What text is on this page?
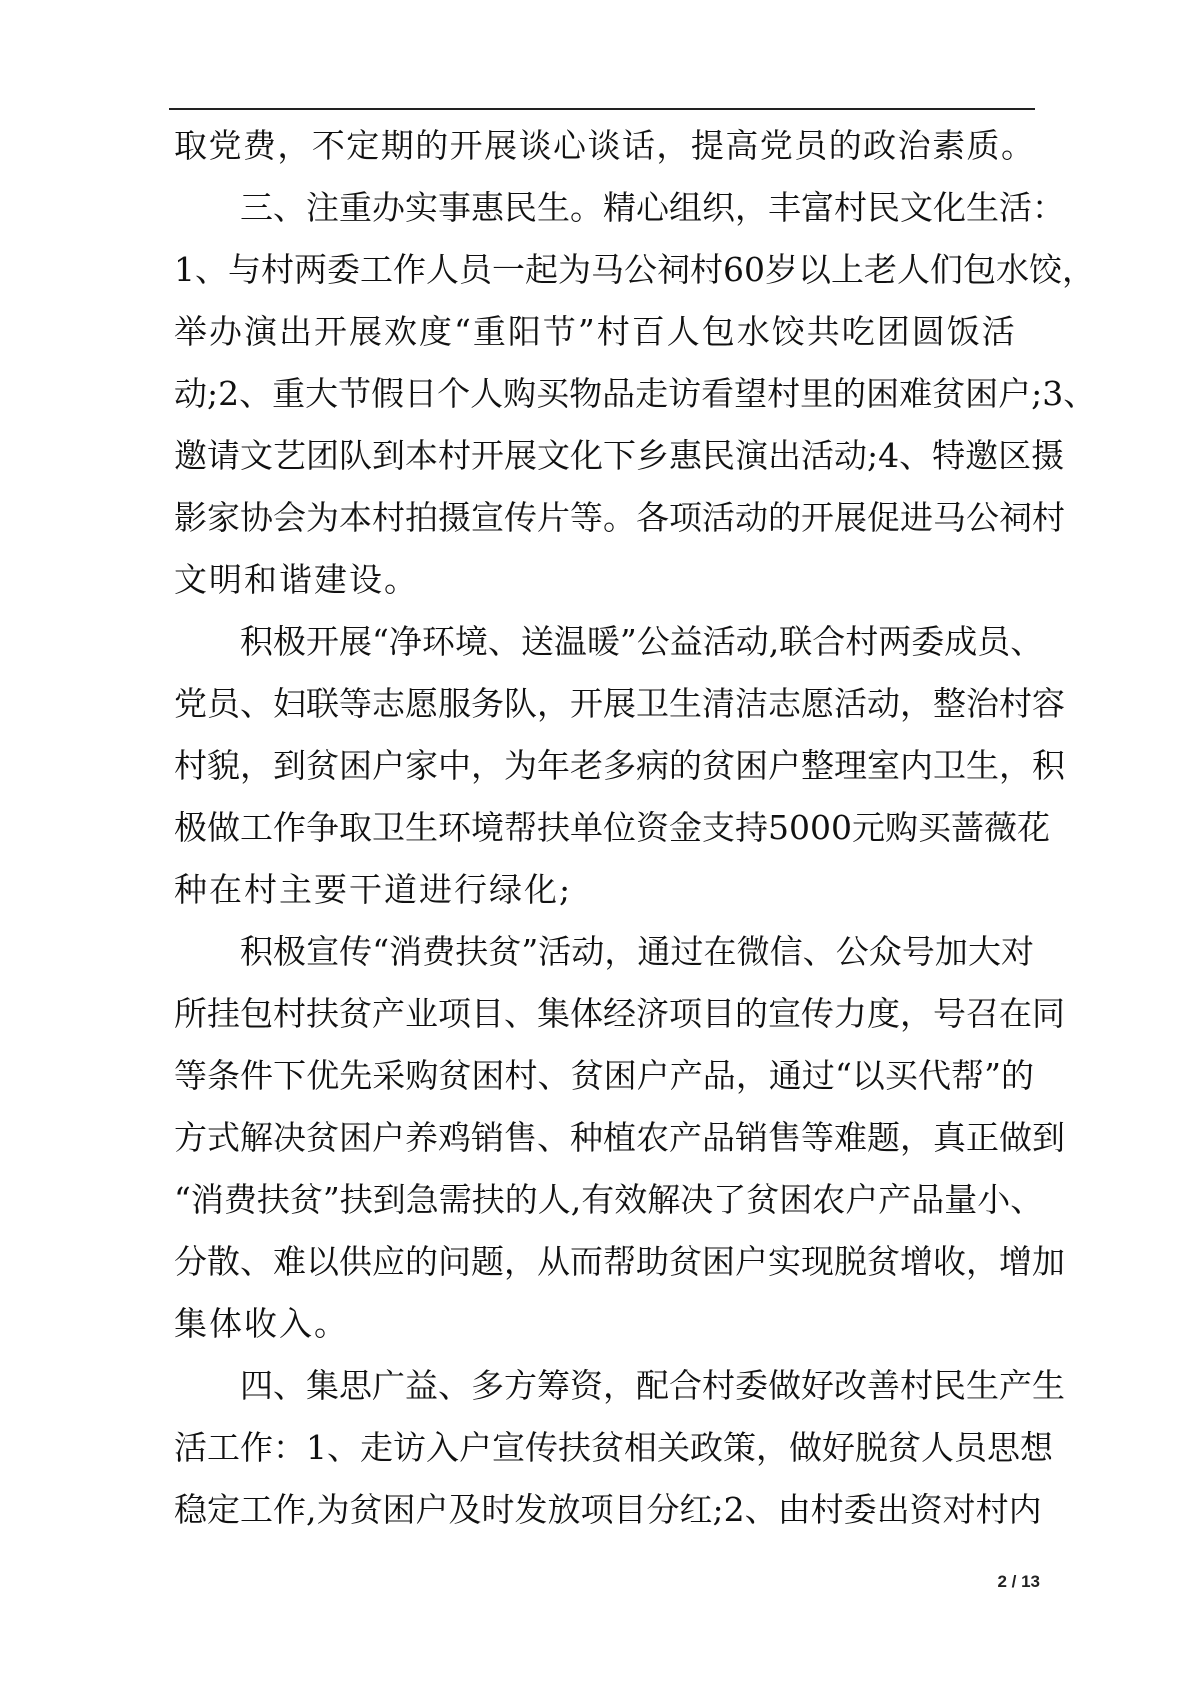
取党费，不定期的开展谈心谈话，提高党员的政治素质。

三、注重办实事惠民生。精心组织，丰富村民文化生活：

1、与村两委工作人员一起为马公祠村60岁以上老人们包水饺，

举办演出开展欢度“重阳节”村百人包水饺共吃团圆饭活

动;2、重大节假日个人购买物品走访看望村里的困难贫困户;3、

邀请文艺团队到本村开展文化下乡惠民演出活动;4、特邀区摄

影家协会为本村拍摄宣传片等。各项活动的开展促进马公祠村

文明和谐建设。

积极开展“净环境、送温暖”公益活动,联合村两委成员、

党员、妇联等志愿服务队，开展卫生清洁志愿活动，整治村容

村貌，到贫困户家中，为年老多病的贫困户整理室内卫生，积

极做工作争取卫生环境帮扶单位资金支持5000元购买蔷薇花

种在村主要干道进行绿化;

积极宣传“消费扶贫”活动，通过在微信、公众号加大对

所挂包村扶贫产业项目、集体经济项目的宣传力度，号召在同

等条件下优先采购贫困村、贫困户产品，通过“以买代帮”的

方式解决贫困户养鸡销售、种植农产品销售等难题，真正做到

“消费扶贫”扶到急需扶的人,有效解决了贫困农户产品量小、

分散、难以供应的问题，从而帮助贫困户实现脱贫增收，增加

集体收入。

四、集思广益、多方筹资，配合村委做好改善村民生产生

活工作：1、走访入户宣传扶贫相关政策，做好脱贫人员思想

稳定工作,为贫困户及时发放项目分红;2、由村委出资对村内

2 / 13
